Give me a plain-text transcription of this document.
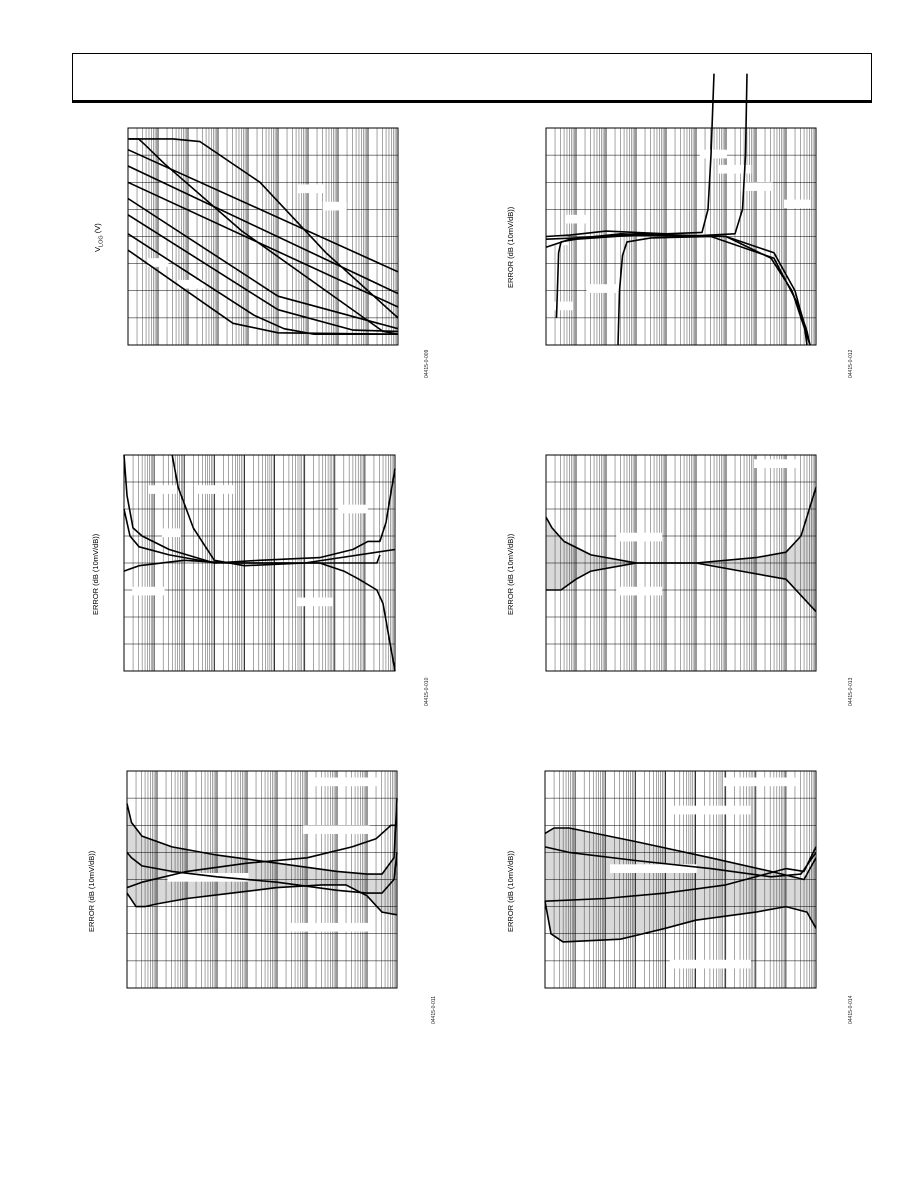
$V_{LOG}$ (V)
04415-0-009
ERROR (dB (10mV/dB))
04415-0-012
ERROR (dB (10mV/dB))
04415-0-010
ERROR (dB (10mV/dB))
04415-0-013
ERROR (dB (10mV/dB))
04415-0-011
ERROR (dB (10mV/dB))
04415-0-014
